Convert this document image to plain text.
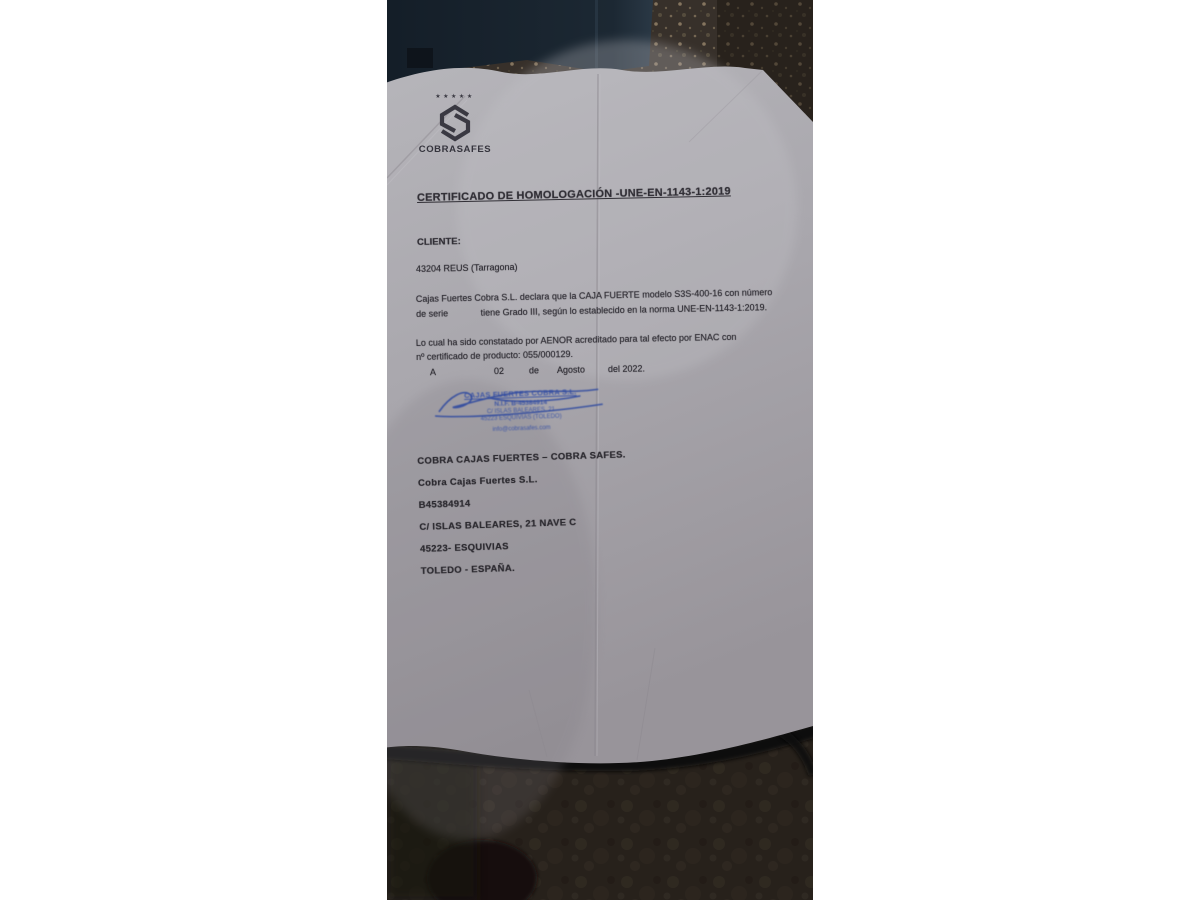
★★★★★
COBRASAFES
CERTIFICADO DE HOMOLOGACIÓN -UNE-EN-1143-1:2019
CLIENTE:
43204 REUS (Tarragona)
Cajas Fuertes Cobra S.L. declara que la CAJA FUERTE modelo S3S-400-16 con número
de serie             tiene Grado III, según lo establecido en la norma UNE-EN-1143-1:2019.
Lo cual ha sido constatado por AENOR acreditado para tal efecto por ENAC con
nº certificado de producto: 055/000129.
A	02	de Agosto	del 2022.
CAJAS FUERTES COBRA S.L.
N.I.F. B-45384914
C/ ISLAS BALEARES, 21
45223 ESQUIVIAS (TOLEDO)
info@cobrasafes.com
COBRA CAJAS FUERTES – COBRA SAFES.
Cobra Cajas Fuertes S.L.
B45384914
C/ ISLAS BALEARES, 21 NAVE C
45223- ESQUIVIAS
TOLEDO - ESPAÑA.
